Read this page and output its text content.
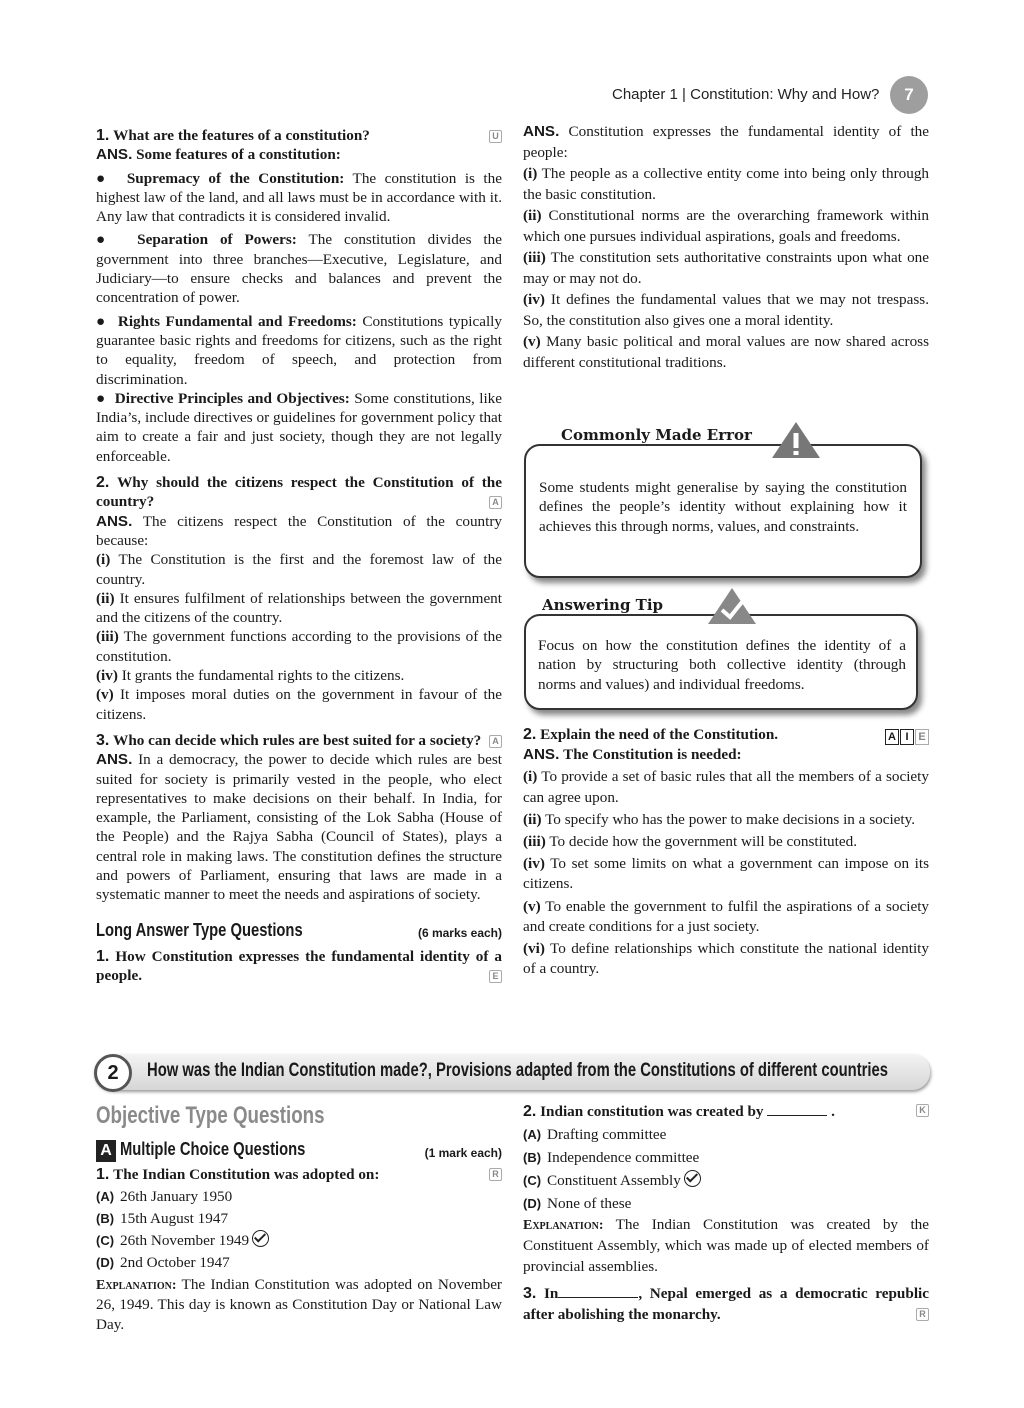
Chapter 1 | Constitution: Why and How?	7

U
1. What are the features of a constitution?

ANS. Some features of a constitution:

●  Supremacy of the Constitution: The constitution is the highest law of the land, and all laws must be in accordance with it. Any law that contradicts it is considered invalid.

●  Separation of Powers: The constitution divides the government into three branches—Executive, Legislature, and Judiciary—to ensure checks and balances and prevent the concentration of power.

●  Rights Fundamental and Freedoms: Constitutions typically guarantee basic rights and freedoms for citizens, such as the right to equality, freedom of speech, and protection from discrimination.

●  Directive Principles and Objectives: Some constitutions, like India’s, include directives or guidelines for government policy that aim to create a fair and just society, though they are not legally enforceable.

2. Why should the citizens respect the Constitution of the country?	A

ANS. The citizens respect the Constitution of the country because:

(i) The Constitution is the first and the foremost law of the country.

(ii) It ensures fulfilment of relationships between the government and the citizens of the country.

(iii) The government functions according to the provisions of the constitution.

(iv) It grants the fundamental rights to the citizens.

(v) It imposes moral duties on the government in favour of the citizens.

3. Who can decide which rules are best suited for a society?	A

ANS. In a democracy, the power to decide which rules are best suited for society is primarily vested in the people, who elect representatives to make decisions on their behalf. In India, for example, the Parliament, consisting of the Lok Sabha (House of the People) and the Rajya Sabha (Council of States), plays a central role in making laws. The constitution defines the structure and powers of Parliament, ensuring that laws are made in a systematic manner to meet the needs and aspirations of society.

Long Answer Type Questions	(6 marks each)

1. How Constitution expresses the fundamental identity of a people.	E

ANS. Constitution expresses the fundamental identity of the people:

(i) The people as a collective entity come into being only through the basic constitution.

(ii) Constitutional norms are the overarching framework within which one pursues individual aspirations, goals and freedoms.

(iii) The constitution sets authoritative constraints upon what one may or may not do.

(iv) It defines the fundamental values that we may not trespass. So, the constitution also gives one a moral identity.

(v) Many basic political and moral values are now shared across different constitutional traditions.

Some students might generalise by saying the constitution defines the people’s identity without explaining how it achieves this through norms, values, and constraints.

Commonly Made Error

Focus on how the constitution defines the identity of a nation by structuring both collective identity (through norms and values) and individual freedoms.

Answering Tip

A I E
2. Explain the need of the Constitution.

ANS. The Constitution is needed:

(i) To provide a set of basic rules that all the members of a society can agree upon.

(ii) To specify who has the power to make decisions in a society.

(iii) To decide how the government will be constituted.

(iv) To set some limits on what a government can impose on its citizens.

(v) To enable the government to fulfil the aspirations of a society and create conditions for a just society.

(vi) To define relationships which constitute the national identity of a country.

2	How was the Indian Constitution made?, Provisions adapted from the Constitutions of different countries
Objective Type Questions
A Multiple Choice Questions	(1 mark each)

1. The Indian Constitution was adopted on:	R

(A) 26th January 1950

(B) 15th August 1947

(C) 26th November 1949

(D) 2nd October 1947

Explanation: The Indian Constitution was adopted on November 26, 1949. This day is known as Constitution Day or National Law Day.

K
2. Indian constitution was created by	.

(A) Drafting committee

(B) Independence committee

(C) Constituent Assembly

(D) None of these

Explanation: The Indian Constitution was created by the Constituent Assembly, which was made up of elected members of provincial assemblies.

3. In	, Nepal emerged as a democratic republic after abolishing the monarchy.	R
